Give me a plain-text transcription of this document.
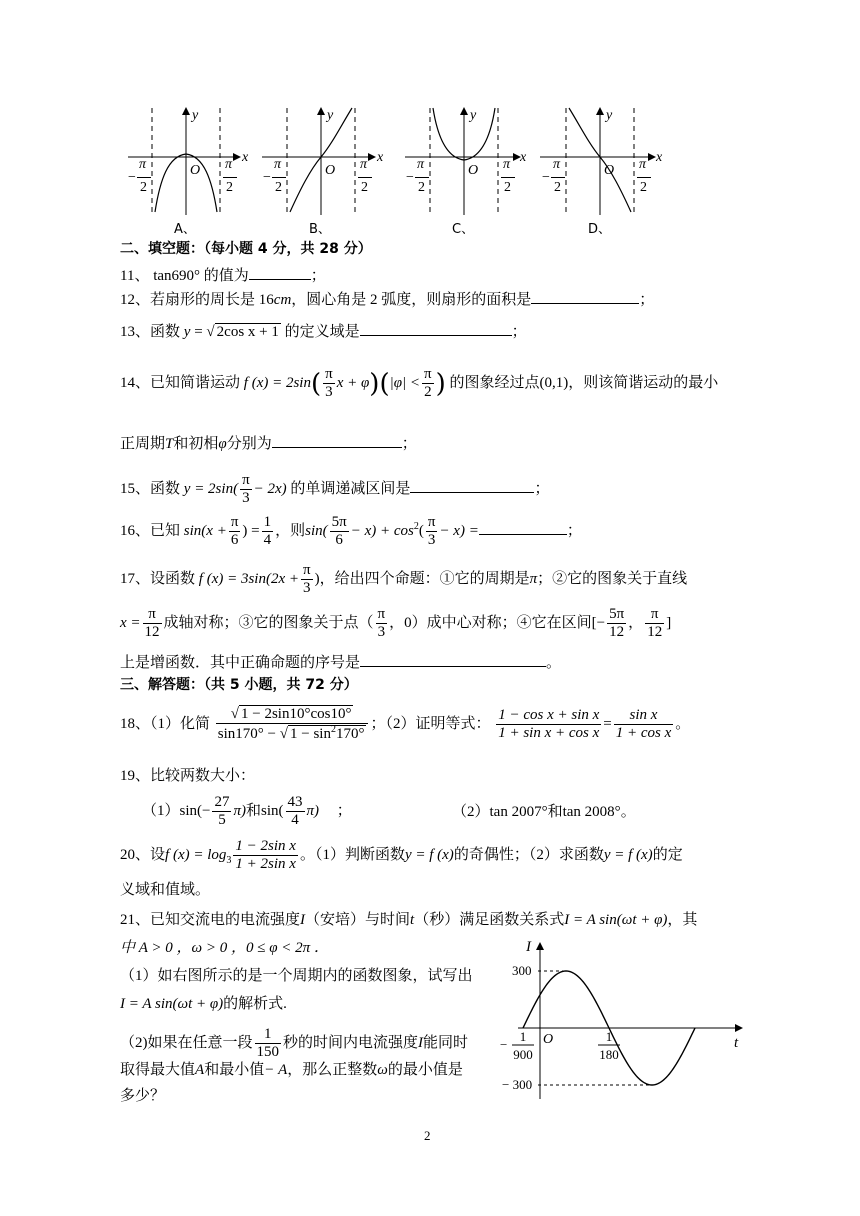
y
x
O
−
π
2
π
2
A、
y
x
O
−
π
2
π
2
B、
y
x
O
−
π
2
π
2
C、
y
x
O
−
π
2
π
2
D、
二、填空题：（每小题 4 分，共 28 分）
11、 tan690° 的值为	；
12、若扇形的周长是 16cm，圆心角是 2 弧度，则扇形的面积是	；
13、函数 y = √ 2cos x + 1 的定义域是	；
14、已知简谐运动 f $(x) = 2\sin( \frac{\pi}{3}$ $x + \varphi)(|\varphi| < \frac{\pi}{2}$ ) 的图象经过点(0,1)，则该简谐运动的最小
正周期T和初相φ分别为	；
15、函数 $y = 2\sin( \frac{\pi}{3} - 2x)$ 的单调递减区间是	；
16、已知 $\sin(x + \frac{\pi}{6}$ ) = $\frac{1}{4}$ ，则$\sin( \frac{5\pi}{6} - x) + \cos^2( \frac{\pi}{3} - x)$ =	；
17、设函数 f $(x) = 3\sin(2x + \frac{\pi}{3}$ )，给出四个命题：①它的周期是π；②它的图象关于直线
$x = \frac{\pi}{12}$ 成轴对称；③它的图象关于点（ $\frac{\pi}{3}$ ，0）成中心对称；④它在区间[− $\frac{5\pi}{12}$ ， $\frac{\pi}{12}$ ]
上是增函数．其中正确命题的序号是	。
三、解答题：（共 5 小题，共 72 分）
18、（1）化简 $\frac{√ 1 - 2\sin 10^\circ\cos 10^\circ}{\sin 170^\circ - √ 1 - \sin^2170^\circ}$ ；（2）证明等式： $\frac{\text{1 − cos x + sin x}}{\text{1 + sin x + cos x}} = \frac{\text{sin x}}{\text{1 + cos x}}$ 。
19、比较两数大小：
$(1)\sin(- \frac{27}{5} \pi)$和$\sin( \frac{43}{4} \pi)$ ；	（2）tan 2007°和tan 2008°。
20、设f $(x) = \log_3 \frac{\text{1 − 2sin x}}{\text{1 + 2sin x}}$ 。（1）判断函数y = f (x)的奇偶性；（2）求函数y = f (x)的定
义域和值域。
21、已知交流电的电流强度I（安培）与时间t（秒）满足函数关系式I = A sin(ωt + φ)，其
中 A > 0 ，ω > 0 ，0 ≤ φ < 2π ．
（1）如右图所示的是一个周期内的函数图象，试写出
I = A sin(ωt + φ)的解析式.
（2)如果在任意一段 $\frac{1}{150}$ 秒的时间内电流强度I能同时
取得最大值A和最小值− A，那么正整数ω的最小值是
多少？
I
t
O
300
− 300
−
1
900
1
180
2
